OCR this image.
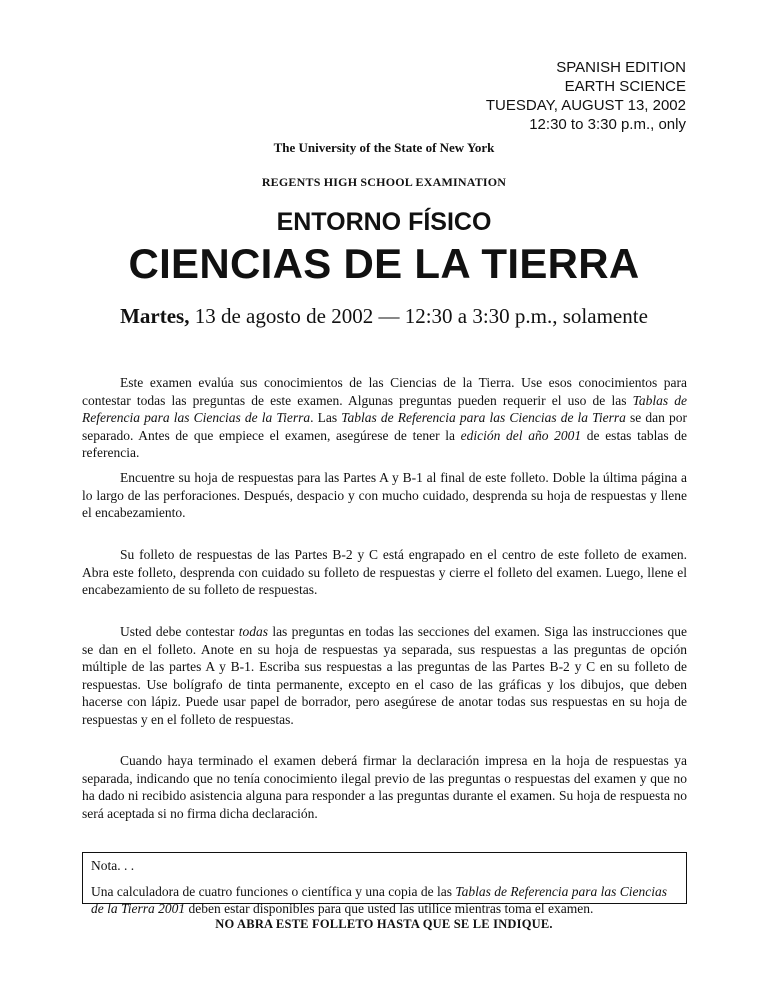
SPANISH EDITION
EARTH SCIENCE
TUESDAY, AUGUST 13, 2002
12:30 to 3:30 p.m., only
The University of the State of New York
REGENTS HIGH SCHOOL EXAMINATION
ENTORNO FÍSICO
CIENCIAS DE LA TIERRA
Martes, 13 de agosto de 2002 — 12:30 a 3:30 p.m., solamente

Este examen evalúa sus conocimientos de las Ciencias de la Tierra. Use esos conocimientos para contestar todas las preguntas de este examen. Algunas preguntas pueden requerir el uso de las Tablas de Referencia para las Ciencias de la Tierra. Las Tablas de Referencia para las Ciencias de la Tierra se dan por separado. Antes de que empiece el examen, asegúrese de tener la edición del año 2001 de estas tablas de referencia.

Encuentre su hoja de respuestas para las Partes A y B-1 al final de este folleto. Doble la última página a lo largo de las perforaciones. Después, despacio y con mucho cuidado, desprenda su hoja de respuestas y llene el encabezamiento.

Su folleto de respuestas de las Partes B-2 y C está engrapado en el centro de este folleto de examen. Abra este folleto, desprenda con cuidado su folleto de respuestas y cierre el folleto del examen. Luego, llene el encabezamiento de su folleto de respuestas.

Usted debe contestar todas las preguntas en todas las secciones del examen. Siga las instrucciones que se dan en el folleto. Anote en su hoja de respuestas ya separada, sus respuestas a las preguntas de opción múltiple de las partes A y B-1. Escriba sus respuestas a las preguntas de las Partes B-2 y C en su folleto de respuestas. Use bolígrafo de tinta permanente, excepto en el caso de las gráficas y los dibujos, que deben hacerse con lápiz. Puede usar papel de borrador, pero asegúrese de anotar todas sus respuestas en su hoja de respuestas y en el folleto de respuestas.

Cuando haya terminado el examen deberá firmar la declaración impresa en la hoja de respuestas ya separada, indicando que no tenía conocimiento ilegal previo de las preguntas o respuestas del examen y que no ha dado ni recibido asistencia alguna para responder a las preguntas durante el examen. Su hoja de respuesta no será aceptada si no firma dicha declaración.

Nota. . .
Una calculadora de cuatro funciones o científica y una copia de las Tablas de Referencia para las Ciencias de la Tierra 2001 deben estar disponibles para que usted las utilice mientras toma el examen.
NO ABRA ESTE FOLLETO HASTA QUE SE LE INDIQUE.
